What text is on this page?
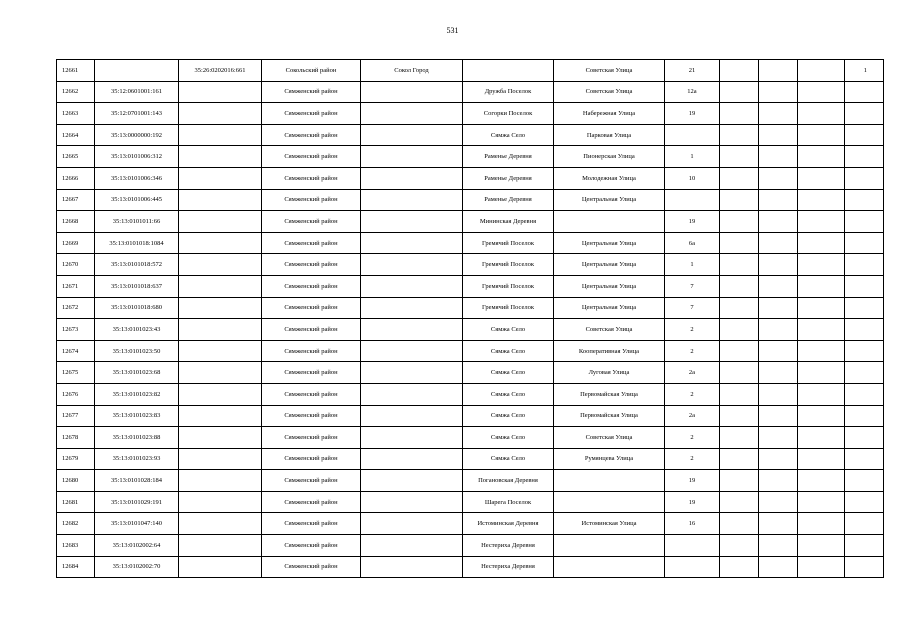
531
12661		35:26:0202016:661	Сокольский район	Сокол Город		Советская Улица	21				1
12662	35:12:0601001:161		Сямженский район		Дружба Поселок	Советская Улица	12а				
12663	35:12:0701001:143		Сямженский район		Согорки Поселок	Набережная Улица	19				
12664	35:13:0000000:192		Сямженский район		Сямжа Село	Парковая Улица					
12665	35:13:0101006:312		Сямженский район		Раменье Деревня	Пионерская Улица	1				
12666	35:13:0101006:346		Сямженский район		Раменье Деревня	Молодежная Улица	10				
12667	35:13:0101006:445		Сямженский район		Раменье Деревня	Центральная Улица					
12668	35:13:0101011:66		Сямженский район		Мининская Деревня		19				
12669	35:13:0101018:1084		Сямженский район		Гремячий Поселок	Центральная Улица	6а				
12670	35:13:0101018:572		Сямженский район		Гремячий Поселок	Центральная Улица	1				
12671	35:13:0101018:637		Сямженский район		Гремячий Поселок	Центральная Улица	7				
12672	35:13:0101018:680		Сямженский район		Гремячий Поселок	Центральная Улица	7				
12673	35:13:0101023:43		Сямженский район		Сямжа Село	Советская Улица	2				
12674	35:13:0101023:50		Сямженский район		Сямжа Село	Кооперативная Улица	2				
12675	35:13:0101023:68		Сямженский район		Сямжа Село	Луговая Улица	2а				
12676	35:13:0101023:82		Сямженский район		Сямжа Село	Первомайская Улица	2				
12677	35:13:0101023:83		Сямженский район		Сямжа Село	Первомайская Улица	2а				
12678	35:13:0101023:88		Сямженский район		Сямжа Село	Советская Улица	2				
12679	35:13:0101023:93		Сямженский район		Сямжа Село	Румянцева Улица	2				
12680	35:13:0101028:184		Сямженский район		Погановская Деревня		19				
12681	35:13:0101029:191		Сямженский район		Шарега Поселок		19				
12682	35:13:0101047:140		Сямженский район		Истоминская Деревня	Истоминская Улица	16				
12683	35:13:0102002:64		Сямженский район		Нестериха Деревня						
12684	35:13:0102002:70		Сямженский район		Нестериха Деревня						
